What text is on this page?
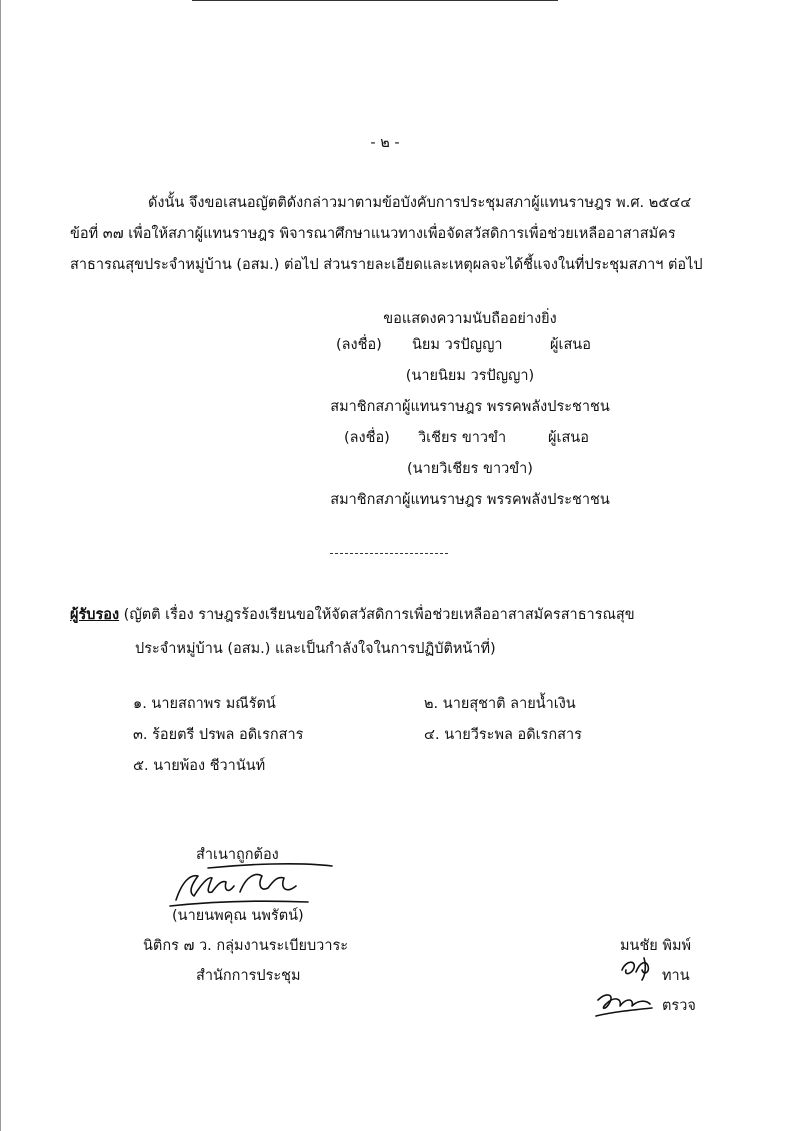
- ๒ -
ดังนั้น จึงขอเสนอญัตติดังกล่าวมาตามข้อบังคับการประชุมสภาผู้แทนราษฎร พ.ศ. ๒๕๔๔
ข้อที่ ๓๗ เพื่อให้สภาผู้แทนราษฎร พิจารณาศึกษาแนวทางเพื่อจัดสวัสดิการเพื่อช่วยเหลืออาสาสมัคร
สาธารณสุขประจำหมู่บ้าน (อสม.) ต่อไป ส่วนรายละเอียดและเหตุผลจะได้ชี้แจงในที่ประชุมสภาฯ ต่อไป
ขอแสดงความนับถืออย่างยิ่ง
(ลงชื่อ) นิยม วรปัญญา	ผู้เสนอ
(นายนิยม วรปัญญา)
สมาชิกสภาผู้แทนราษฎร พรรคพลังประชาชน
(ลงชื่อ) วิเชียร ขาวขำ	ผู้เสนอ
(นายวิเชียร ขาวขำ)
สมาชิกสภาผู้แทนราษฎร พรรคพลังประชาชน
ผู้รับรอง (ญัตติ เรื่อง ราษฎรร้องเรียนขอให้จัดสวัสดิการเพื่อช่วยเหลืออาสาสมัครสาธารณสุข
ประจำหมู่บ้าน (อสม.) และเป็นกำลังใจในการปฏิบัติหน้าที่)
๑. นายสถาพร มณีรัตน์	๒. นายสุชาติ ลายน้ำเงิน
๓. ร้อยตรี ปรพล อดิเรกสาร	๔. นายวีระพล อดิเรกสาร
๕. นายพ้อง ชีวานันท์
สำเนาถูกต้อง
(นายนพคุณ นพรัตน์)
นิติกร ๗ ว. กลุ่มงานระเบียบวาระ
สำนักการประชุม
มนชัย พิมพ์
ทาน
ตรวจ
